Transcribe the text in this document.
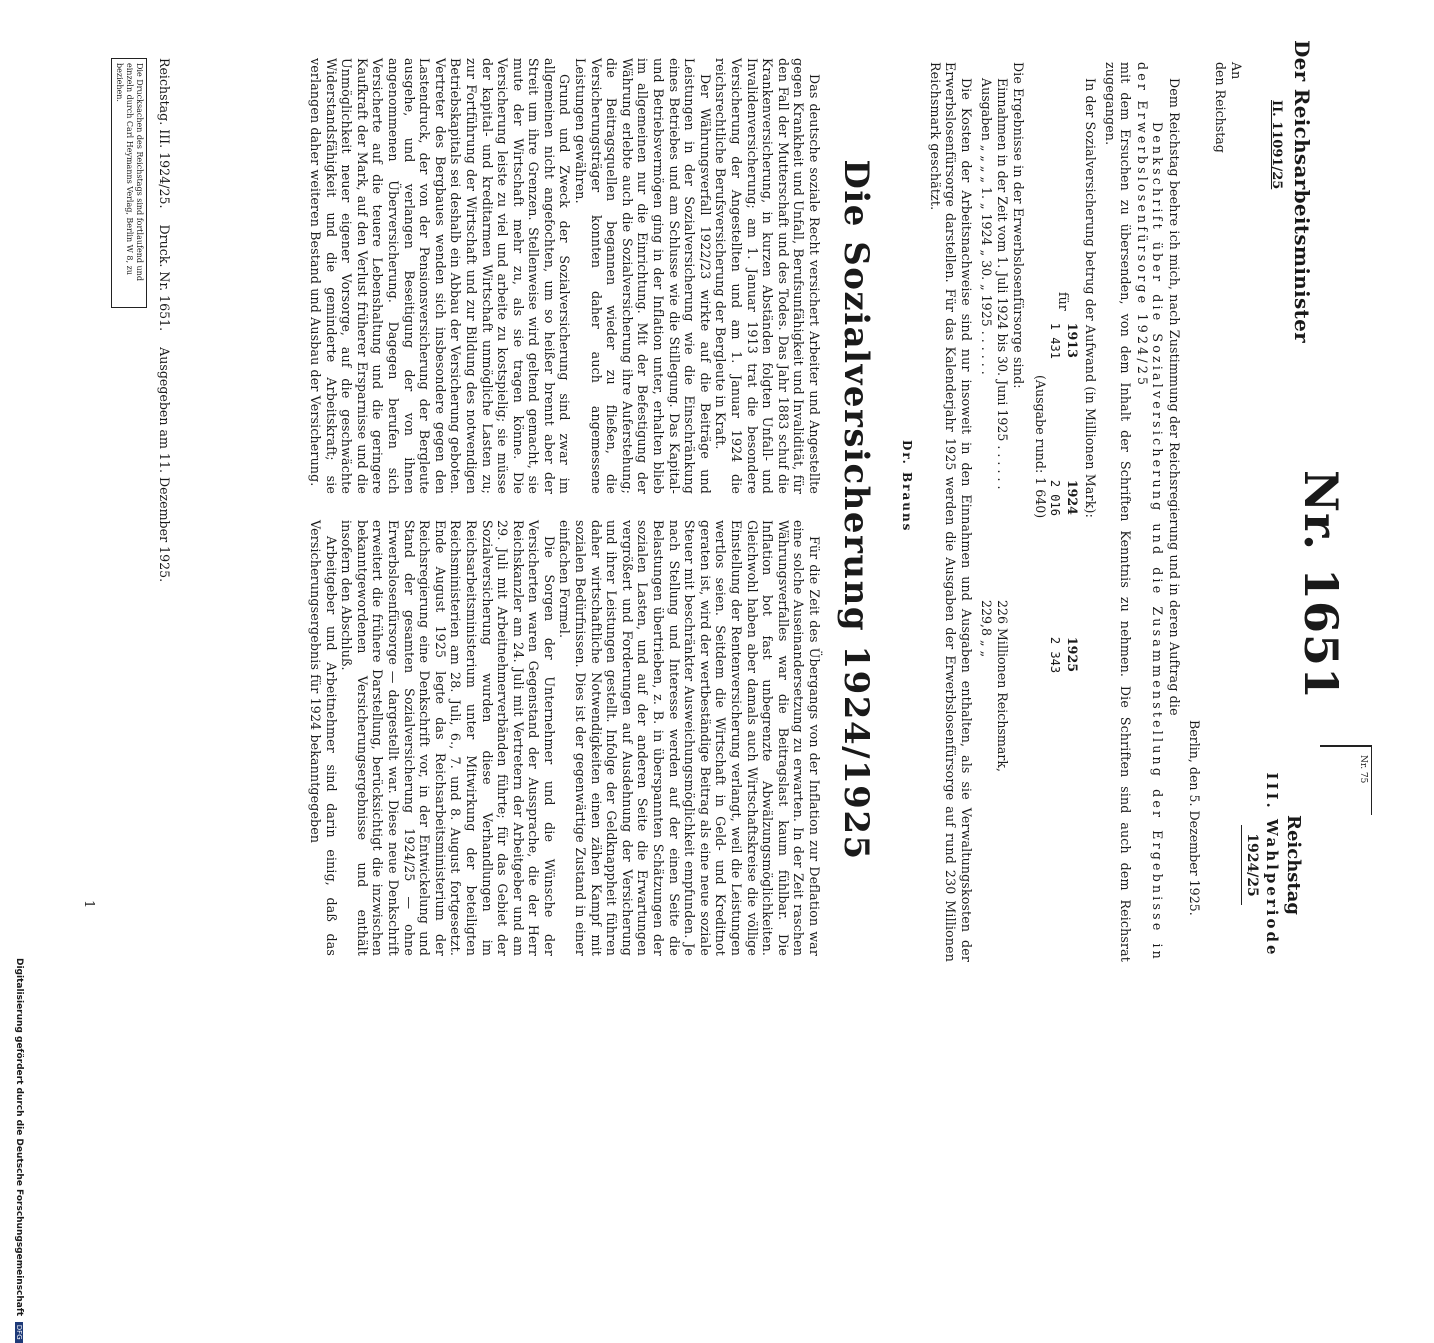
Der Reichsarbeitsminister
II. 11091/25
Nr. 1651
Nr. 75
Reichstag
III. Wahlperiode
1924/25
An
den Reichstag
Berlin, den 5. Dezember 1925.

Dem Reichstag beehre ich mich, nach Zustimmung der Reichsregierung und in deren Auftrag die

Denkschrift über die Sozialversicherung und die Zusammenstellung der Ergebnisse in der Erwerbslosenfürsorge 1924/25

mit dem Ersuchen zu übersenden, von dem Inhalt der Schriften Kenntnis zu nehmen. Die Schriften sind auch dem Reichsrat zugegangen.

In der Sozialversicherung betrug der Aufwand (in Millionen Mark):

für	1913	1924	1925
	1 431	2 016	2 343
(Ausgabe rund: 1 640)

Die Ergebnisse in der Erwerbslosenfürsorge sind:

Einnahmen in der Zeit vom 1. Juli 1924 bis 30. Juni 1925 . . . . . .
226 Millionen Reichsmark,
Ausgaben „ „ „ „ 1. „ 1924 „ 30. „ 1925 . . . . . .
229,8 „ „

Die Kosten der Arbeitsnachweise sind nur insoweit in den Einnahmen und Ausgaben enthalten, als sie Verwaltungskosten der Erwerbslosenfürsorge darstellen. Für das Kalenderjahr 1925 werden die Ausgaben der Erwerbslosenfürsorge auf rund 230 Millionen Reichsmark geschätzt.

Dr. Brauns
Die Sozialversicherung 1924/1925

Das deutsche soziale Recht versichert Arbeiter und Angestellte gegen Krankheit und Unfall, Berufsunfähigkeit und Invalidität, für den Fall der Mutterschaft und des Todes. Das Jahr 1883 schuf die Krankenversicherung, in kurzen Abständen folgten Unfall- und Invalidenversicherung; am 1. Januar 1913 trat die besondere Versicherung der Angestellten und am 1. Januar 1924 die reichsrechtliche Berufsversicherung der Bergleute in Kraft.

Der Währungsverfall 1922/23 wirkte auf die Beiträge und Leistungen in der Sozialversicherung wie die Einschränkung eines Betriebes und am Schlusse wie die Stillegung. Das Kapital- und Betriebsvermögen ging in der Inflation unter, erhalten blieb im allgemeinen nur die Einrichtung. Mit der Befestigung der Währung erlebte auch die Sozialversicherung ihre Auferstehung; die Beitragsquellen begannen wieder zu fließen, die Versicherungsträger konnten daher auch angemessene Leistungen gewähren.

Grund und Zweck der Sozialversicherung sind zwar im allgemeinen nicht angefochten, um so heißer brennt aber der Streit um ihre Grenzen. Stellenweise wird geltend gemacht, sie mute der Wirtschaft mehr zu, als sie tragen könne. Die Versicherung leiste zu viel und arbeite zu kostspielig; sie müsse der kapital- und kreditarmen Wirtschaft unmögliche Lasten zu; zur Fortführung der Wirtschaft und zur Bildung des notwendigen Betriebskapitals sei deshalb ein Abbau der Versicherung geboten. Vertreter des Bergbaues wenden sich insbesondere gegen den Lastendruck, der von der Pensionsversicherung der Bergleute ausgehe, und verlangen Beseitigung der von ihnen angenommenen Überversicherung. Dagegen berufen sich Versicherte auf die teuere Lebenshaltung und die geringere Kaufkraft der Mark, auf den Verlust früherer Ersparnisse und die Unmöglichkeit neuer eigener Vorsorge, auf die geschwächte Widerstandsfähigkeit und die geminderte Arbeitskraft; sie verlangen daher weiteren Bestand und Ausbau der Versicherung.

Für die Zeit des Übergangs von der Inflation zur Deflation war eine solche Auseinandersetzung zu erwarten. In der Zeit raschen Währungsverfalles war die Beitragslast kaum fühlbar. Die Inflation bot fast unbegrenzte Abwälzungsmöglichkeiten. Gleichwohl haben aber damals auch Wirtschaftskreise die völlige Einstellung der Rentenversicherung verlangt, weil die Leistungen wertlos seien. Seitdem die Wirtschaft in Geld- und Kreditnot geraten ist, wird der wertbeständige Beitrag als eine neue soziale Steuer mit beschränkter Ausweichungsmöglichkeit empfunden. Je nach Stellung und Interesse werden auf der einen Seite die Belastungen übertrieben, z. B. in überspannten Schätzungen der sozialen Lasten, und auf der anderen Seite die Erwartungen vergrößert und Forderungen auf Ausdehnung der Versicherung und ihrer Leistungen gestellt. Infolge der Geldknappheit führen daher wirtschaftliche Notwendigkeiten einen zähen Kampf mit sozialen Bedürfnissen. Dies ist der gegenwärtige Zustand in einer einfachen Formel.

Die Sorgen der Unternehmer und die Wünsche der Versicherten waren Gegenstand der Aussprache, die der Herr Reichskanzler am 24. Juli mit Vertretern der Arbeitgeber und am 29. Juli mit Arbeitnehmerverbänden führte; für das Gebiet der Sozialversicherung wurden diese Verhandlungen im Reichsarbeitsministerium unter Mitwirkung der beteiligten Reichsministerien am 28. Juli, 6., 7. und 8. August fortgesetzt. Ende August 1925 legte das Reichsarbeitsministerium der Reichsregierung eine Denkschrift vor, in der Entwickelung und Stand der gesamten Sozialversicherung 1924/25 — ohne Erwerbslosenfürsorge — dargestellt war. Diese neue Denkschrift erweitert die frühere Darstellung, berücksichtigt die inzwischen bekanntgewordenen Versicherungsergebnisse und enthält insofern den Abschluß.

Arbeitgeber und Arbeitnehmer sind darin einig, daß das Versicherungsergebnis für 1924 bekanntgegeben

Reichstag. III. 1924/25. Druck. Nr. 1651. Ausgegeben am 11. Dezember 1925.
Die Drucksachen des Reichstags sind fortlaufend und einzeln durch Carl Heymanns Verlag, Berlin W 8, zu beziehen.
1
Digitalisierung gefördert durch die Deutsche Forschungsgemeinschaft DFG
